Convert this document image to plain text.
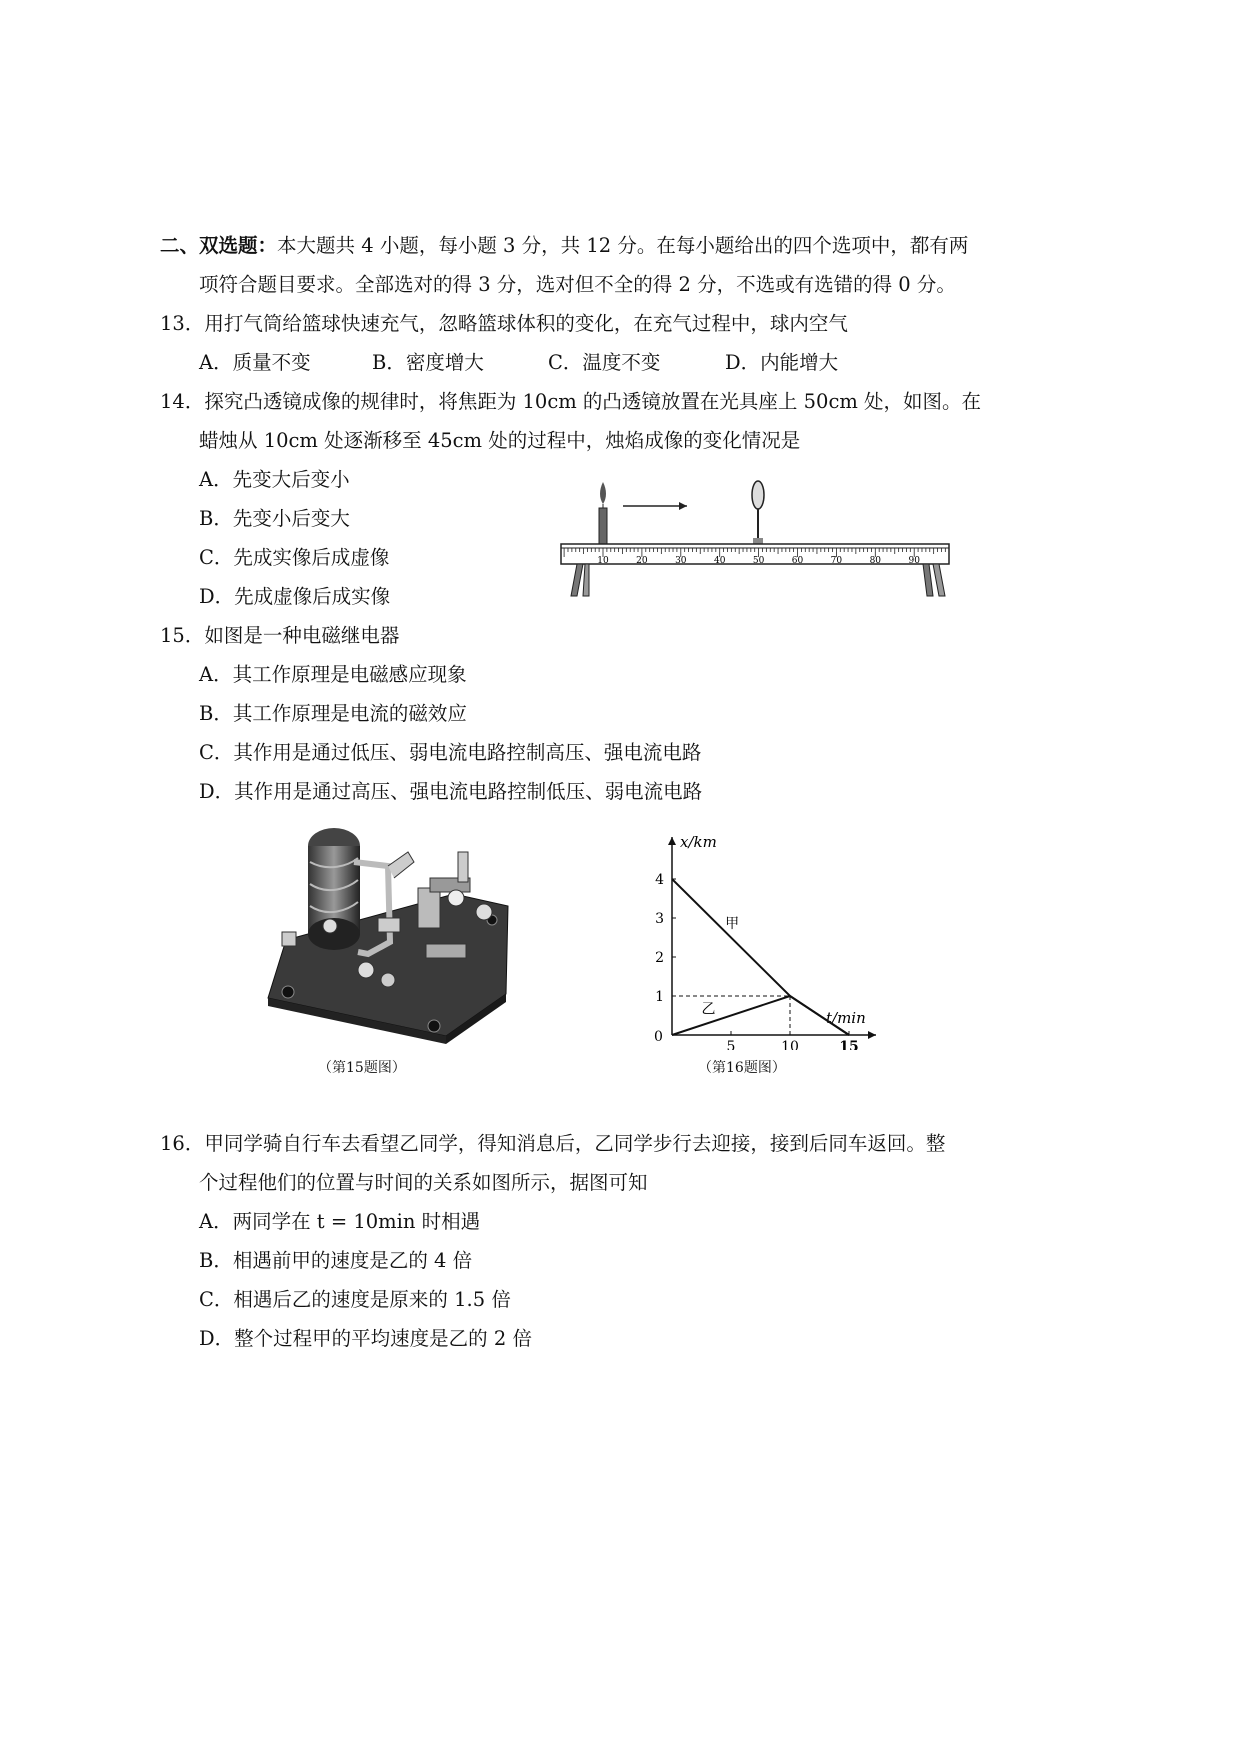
二、双选题：本大题共 4 小题，每小题 3 分，共 12 分。在每小题给出的四个选项中，都有两
项符合题目要求。全部选对的得 3 分，选对但不全的得 2 分，不选或有选错的得 0 分。
13．用打气筒给篮球快速充气，忽略篮球体积的变化，在充气过程中，球内空气
A．质量不变	B．密度增大	C．温度不变	D．内能增大
14．探究凸透镜成像的规律时，将焦距为 10cm 的凸透镜放置在光具座上 50cm 处，如图。在
蜡烛从 10cm 处逐渐移至 45cm 处的过程中，烛焰成像的变化情况是
A．先变大后变小
B．先变小后变大
C．先成实像后成虚像
D．先成虚像后成实像
10	20	30	40	50	60	70	80	90
15．如图是一种电磁继电器
A．其工作原理是电磁感应现象
B．其工作原理是电流的磁效应
C．其作用是通过低压、弱电流电路控制高压、强电流电路
D．其作用是通过高压、强电流电路控制低压、弱电流电路
（第15题图）
x/km
t/min
0
5	10	15
1
2
3
4
甲
乙
（第16题图）
16．甲同学骑自行车去看望乙同学，得知消息后，乙同学步行去迎接，接到后同车返回。整
个过程他们的位置与时间的关系如图所示，据图可知
A．两同学在 t = 10min 时相遇
B．相遇前甲的速度是乙的 4 倍
C．相遇后乙的速度是原来的 1.5 倍
D．整个过程甲的平均速度是乙的 2 倍
